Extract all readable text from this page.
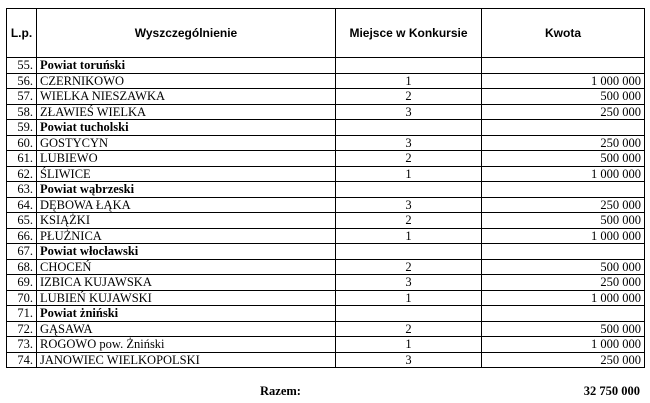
L.p.	Wyszczególnienie	Miejsce w Konkursie	Kwota
55.	Powiat toruński		
56.	CZERNIKOWO	1	1 000 000
57.	WIELKA NIESZAWKA	2	500 000
58.	ZŁAWIEŚ WIELKA	3	250 000
59.	Powiat tucholski		
60.	GOSTYCYN	3	250 000
61.	LUBIEWO	2	500 000
62.	ŚLIWICE	1	1 000 000
63.	Powiat wąbrzeski		
64.	DĘBOWA ŁĄKA	3	250 000
65.	KSIĄŻKI	2	500 000
66.	PŁUŻNICA	1	1 000 000
67.	Powiat włocławski		
68.	CHOCEŃ	2	500 000
69.	IZBICA KUJAWSKA	3	250 000
70.	LUBIEŃ KUJAWSKI	1	1 000 000
71.	Powiat żniński		
72.	GĄSAWA	2	500 000
73.	ROGOWO pow. Żniński	1	1 000 000
74.	JANOWIEC WIELKOPOLSKI	3	250 000
Razem:	32 750 000
